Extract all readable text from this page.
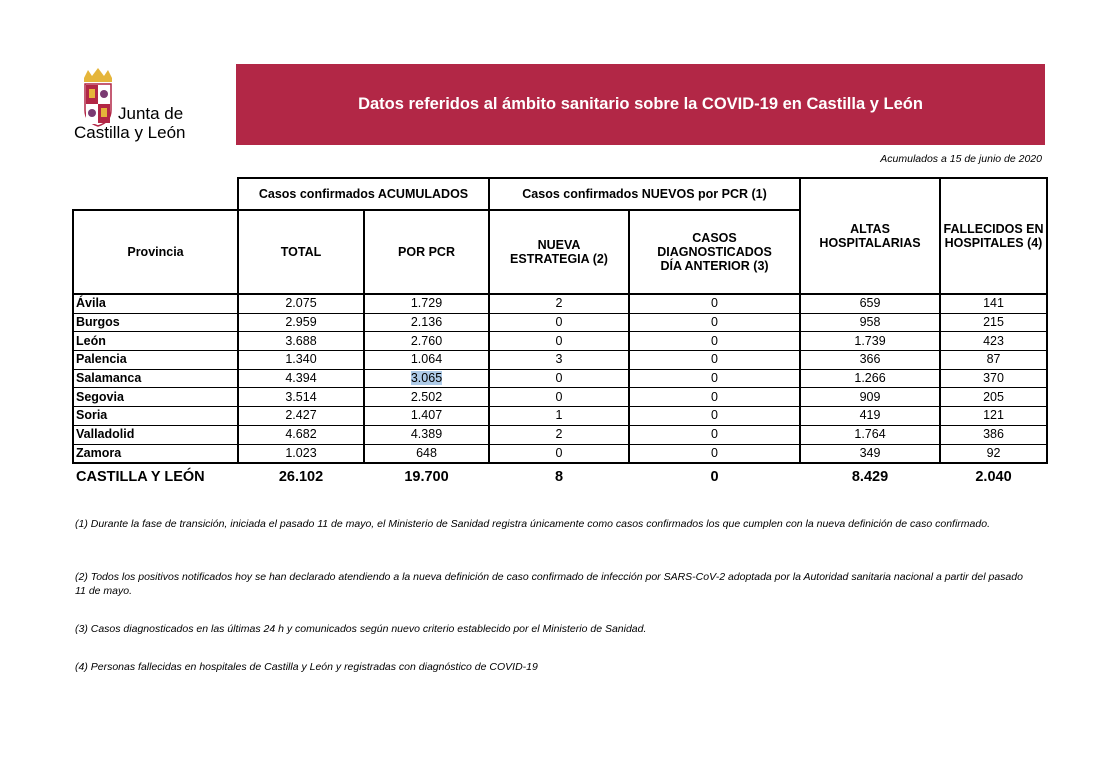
Junta de
Castilla y León
Datos referidos al ámbito sanitario sobre la COVID-19 en Castilla y León
Acumulados a 15 de junio de 2020
	Casos confirmados ACUMULADOS		Casos confirmados NUEVOS por PCR (1)		ALTAS HOSPITALARIAS	FALLECIDOS EN HOSPITALES (4)
Provincia	TOTAL	POR PCR	NUEVA ESTRATEGIA (2)	CASOS DIAGNOSTICADOS DÍA ANTERIOR (3)		
Ávila	2.075	1.729	2	0	659	141
Burgos	2.959	2.136	0	0	958	215
León	3.688	2.760	0	0	1.739	423
Palencia	1.340	1.064	3	0	366	87
Salamanca	4.394	3.065	0	0	1.266	370
Segovia	3.514	2.502	0	0	909	205
Soria	2.427	1.407	1	0	419	121
Valladolid	4.682	4.389	2	0	1.764	386
Zamora	1.023	648	0	0	349	92
CASTILLA Y LEÓN	26.102	19.700	8	0	8.429	2.040
(1) Durante la fase de transición, iniciada el pasado 11 de mayo, el Ministerio de Sanidad registra únicamente como casos confirmados los que cumplen con la nueva definición de caso confirmado.
(2) Todos los positivos notificados hoy se han declarado atendiendo a la nueva definición de caso confirmado de infección por SARS-CoV-2 adoptada por la Autoridad sanitaria nacional a partir del pasado 11 de mayo.
(3) Casos diagnosticados en las últimas 24 h y comunicados según nuevo criterio establecido por el Ministerio de Sanidad.
(4) Personas fallecidas en hospitales de Castilla y León y registradas con diagnóstico de COVID-19
